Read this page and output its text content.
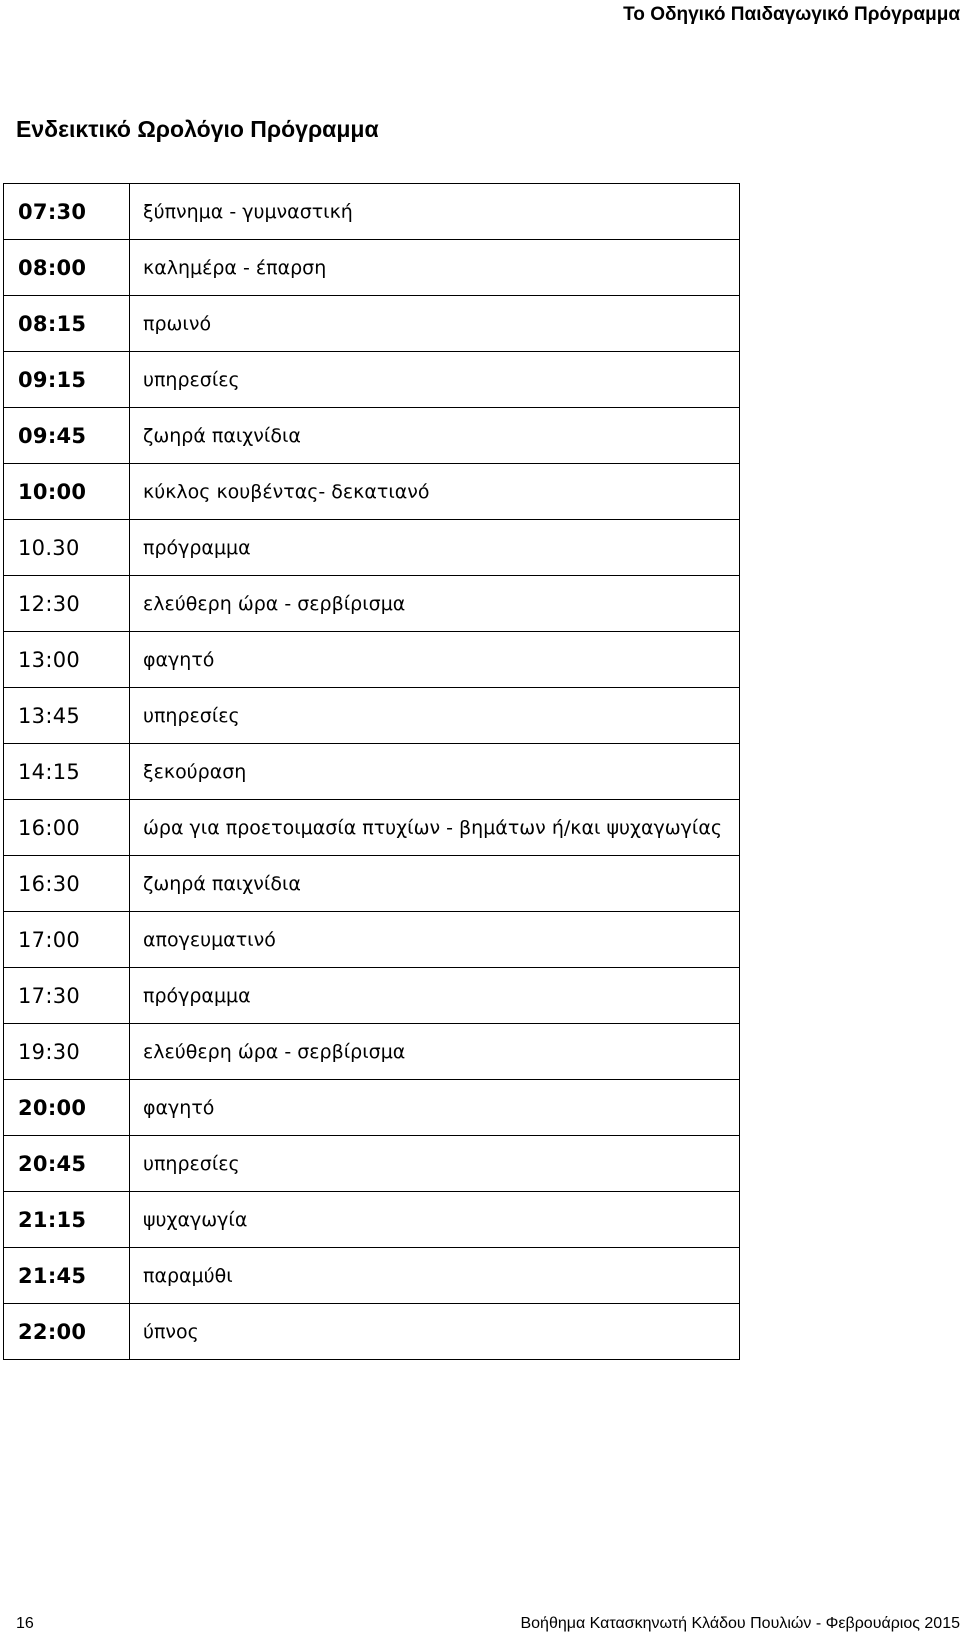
Το Οδηγικό Παιδαγωγικό Πρόγραμμα
Ενδεικτικό Ωρολόγιο Πρόγραμμα
07:30	ξύπνημα - γυμναστική
08:00	καλημέρα - έπαρση
08:15	πρωινό
09:15	υπηρεσίες
09:45	ζωηρά παιχνίδια
10:00	κύκλος κουβέντας- δεκατιανό
10.30	πρόγραμμα
12:30	ελεύθερη ώρα - σερβίρισμα
13:00	φαγητό
13:45	υπηρεσίες
14:15	ξεκούραση
16:00	ώρα για προετοιμασία πτυχίων - βημάτων ή/και ψυχαγωγίας
16:30	ζωηρά παιχνίδια
17:00	απογευματινό
17:30	πρόγραμμα
19:30	ελεύθερη ώρα - σερβίρισμα
20:00	φαγητό
20:45	υπηρεσίες
21:15	ψυχαγωγία
21:45	παραμύθι
22:00	ύπνος
16	Βοήθημα Κατασκηνωτή Κλάδου Πουλιών - Φεβρουάριος 2015
